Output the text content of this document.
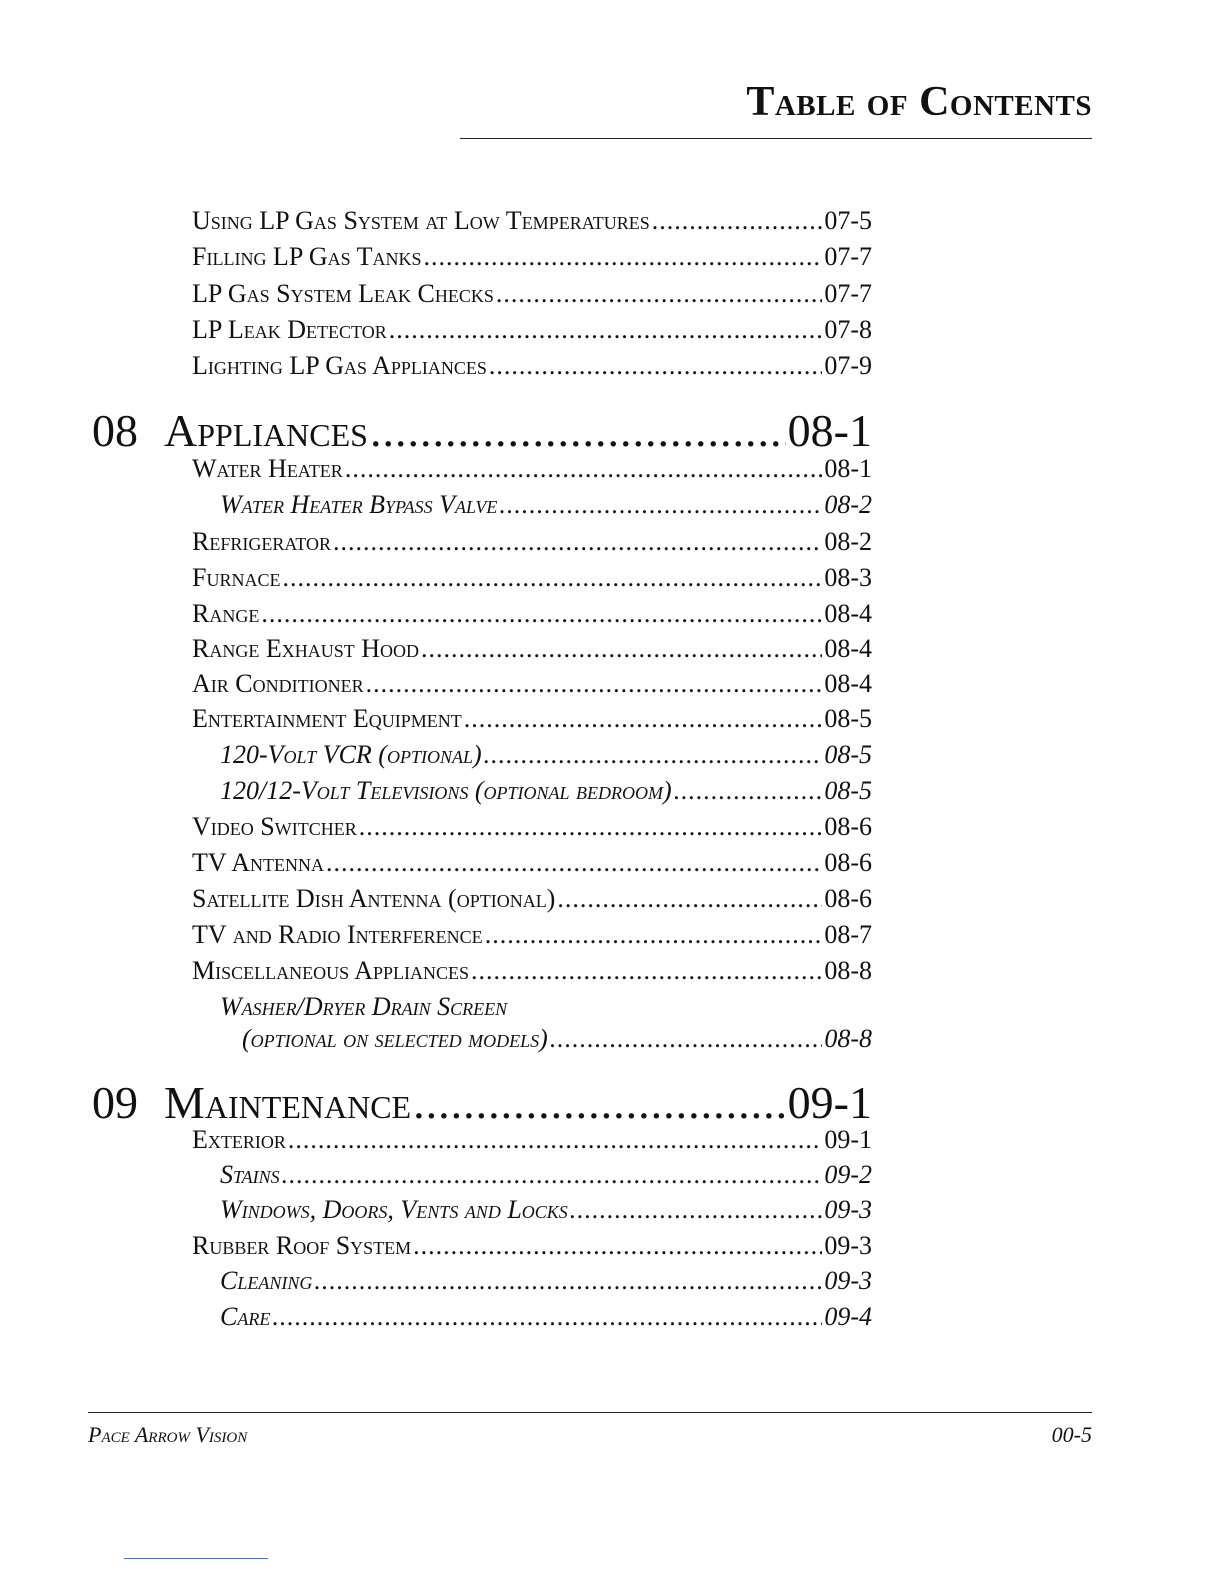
Table of Contents
Using LP Gas System at Low Temperatures .....	07-5
Filling LP Gas Tanks .....	07-7
LP Gas System Leak Checks .....	07-7
LP Leak Detector .....	07-8
Lighting LP Gas Appliances .....	07-9
08 Appliances .....	08-1
Water Heater .....	08-1
Water Heater Bypass Valve .....	08-2
Refrigerator .....	08-2
Furnace .....	08-3
Range .....	08-4
Range Exhaust Hood .....	08-4
Air Conditioner .....	08-4
Entertainment Equipment .....	08-5
120-Volt VCR (optional) .....	08-5
120/12-Volt Televisions (optional bedroom) .....	08-5
Video Switcher .....	08-6
TV Antenna .....	08-6
Satellite Dish Antenna (optional) .....	08-6
TV and Radio Interference .....	08-7
Miscellaneous Appliances .....	08-8
Washer/Dryer Drain Screen
(optional on selected models) .....	08-8
09 Maintenance .....	09-1
Exterior .....	09-1
Stains .....	09-2
Windows, Doors, Vents and Locks .....	09-3
Rubber Roof System .....	09-3
Cleaning .....	09-3
Care .....	09-4
Pace Arrow Vision	00-5
